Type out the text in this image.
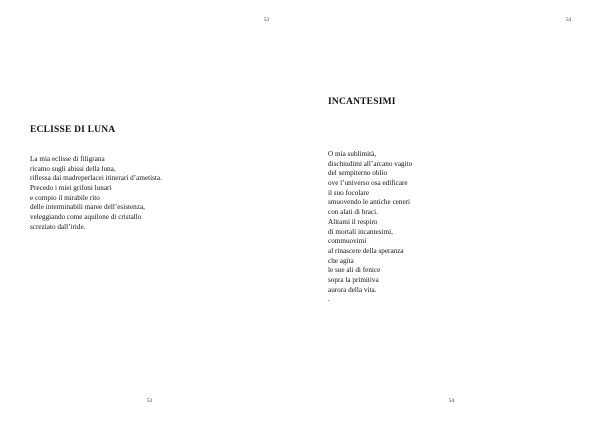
53
ECLISSE DI LUNA
La mia eclisse di filigrana
ricamo sugli abissi della luna,
riflessa dai madreperlacei itinerari d’ametista.
Precedo i miei grifoni lunari
e compio il mirabile rito
delle interminabili maree dell’esistenza,
veleggiando come aquilone di cristallo
screziato dall’iride.
53
54
INCANTESIMI
O mia sublimità,
dischiudimi all’arcano vagito
del sempiterno oblio
ove l’universo osa edificare
il suo focolare
smuovendo le antiche ceneri
con alati di braci.
Alitami il respiro
di mortali incantesimi,
commuovimi
al rinascere della speranza
che agita
le sue ali di fenice
sopra la primitiva
aurora della vita.
.
54
